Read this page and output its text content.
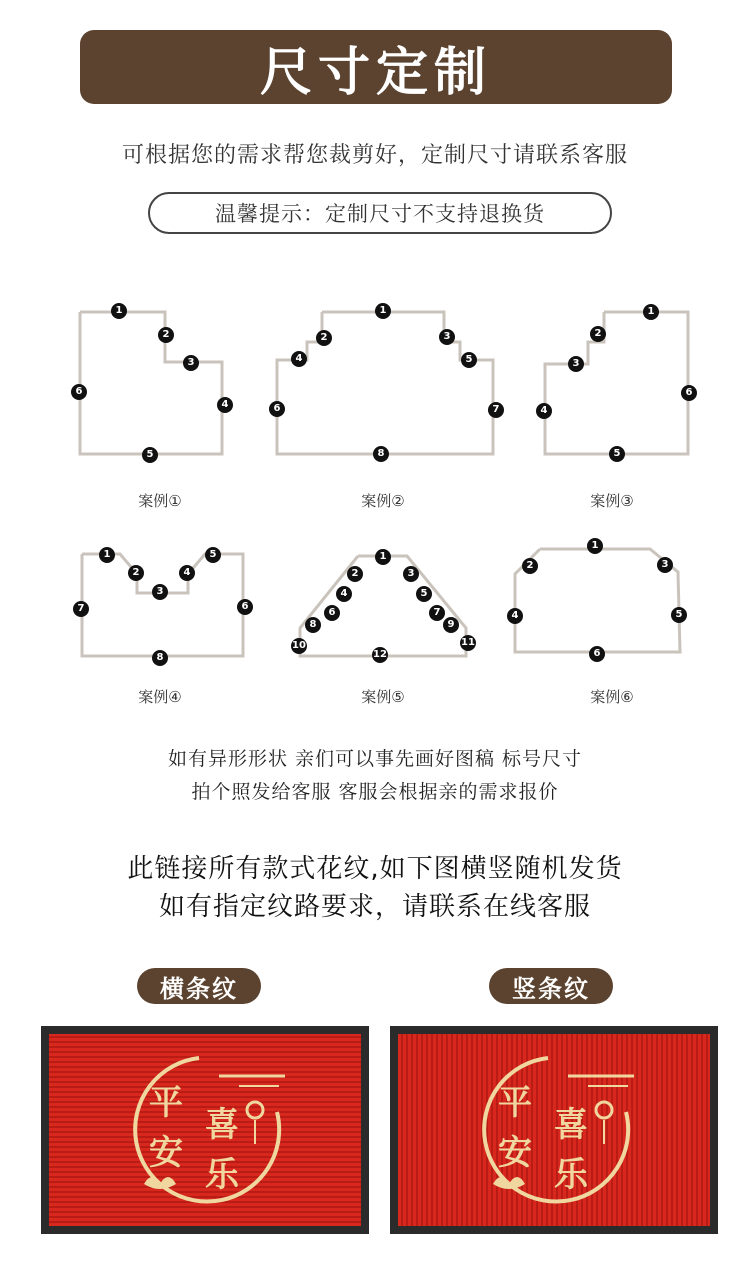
尺寸定制
可根据您的需求帮您裁剪好，定制尺寸请联系客服
温馨提示：定制尺寸不支持退换货
1
2
3
4
5
6
1
2	3
4	5
6	7
8
1
2
3
4
5
6
1
2
3
4
5
6
7
8
1
2	3
4	5
6	7
8	9
10	11
12
1
2	3
4	5
6
案例①	案例②	案例③
案例④	案例⑤	案例⑥
如有异形形状 亲们可以事先画好图稿 标号尺寸
拍个照发给客服 客服会根据亲的需求报价
此链接所有款式花纹,如下图横竖随机发货
如有指定纹路要求，请联系在线客服
横条纹	竖条纹
平
安
喜
乐
平
安
喜
乐
